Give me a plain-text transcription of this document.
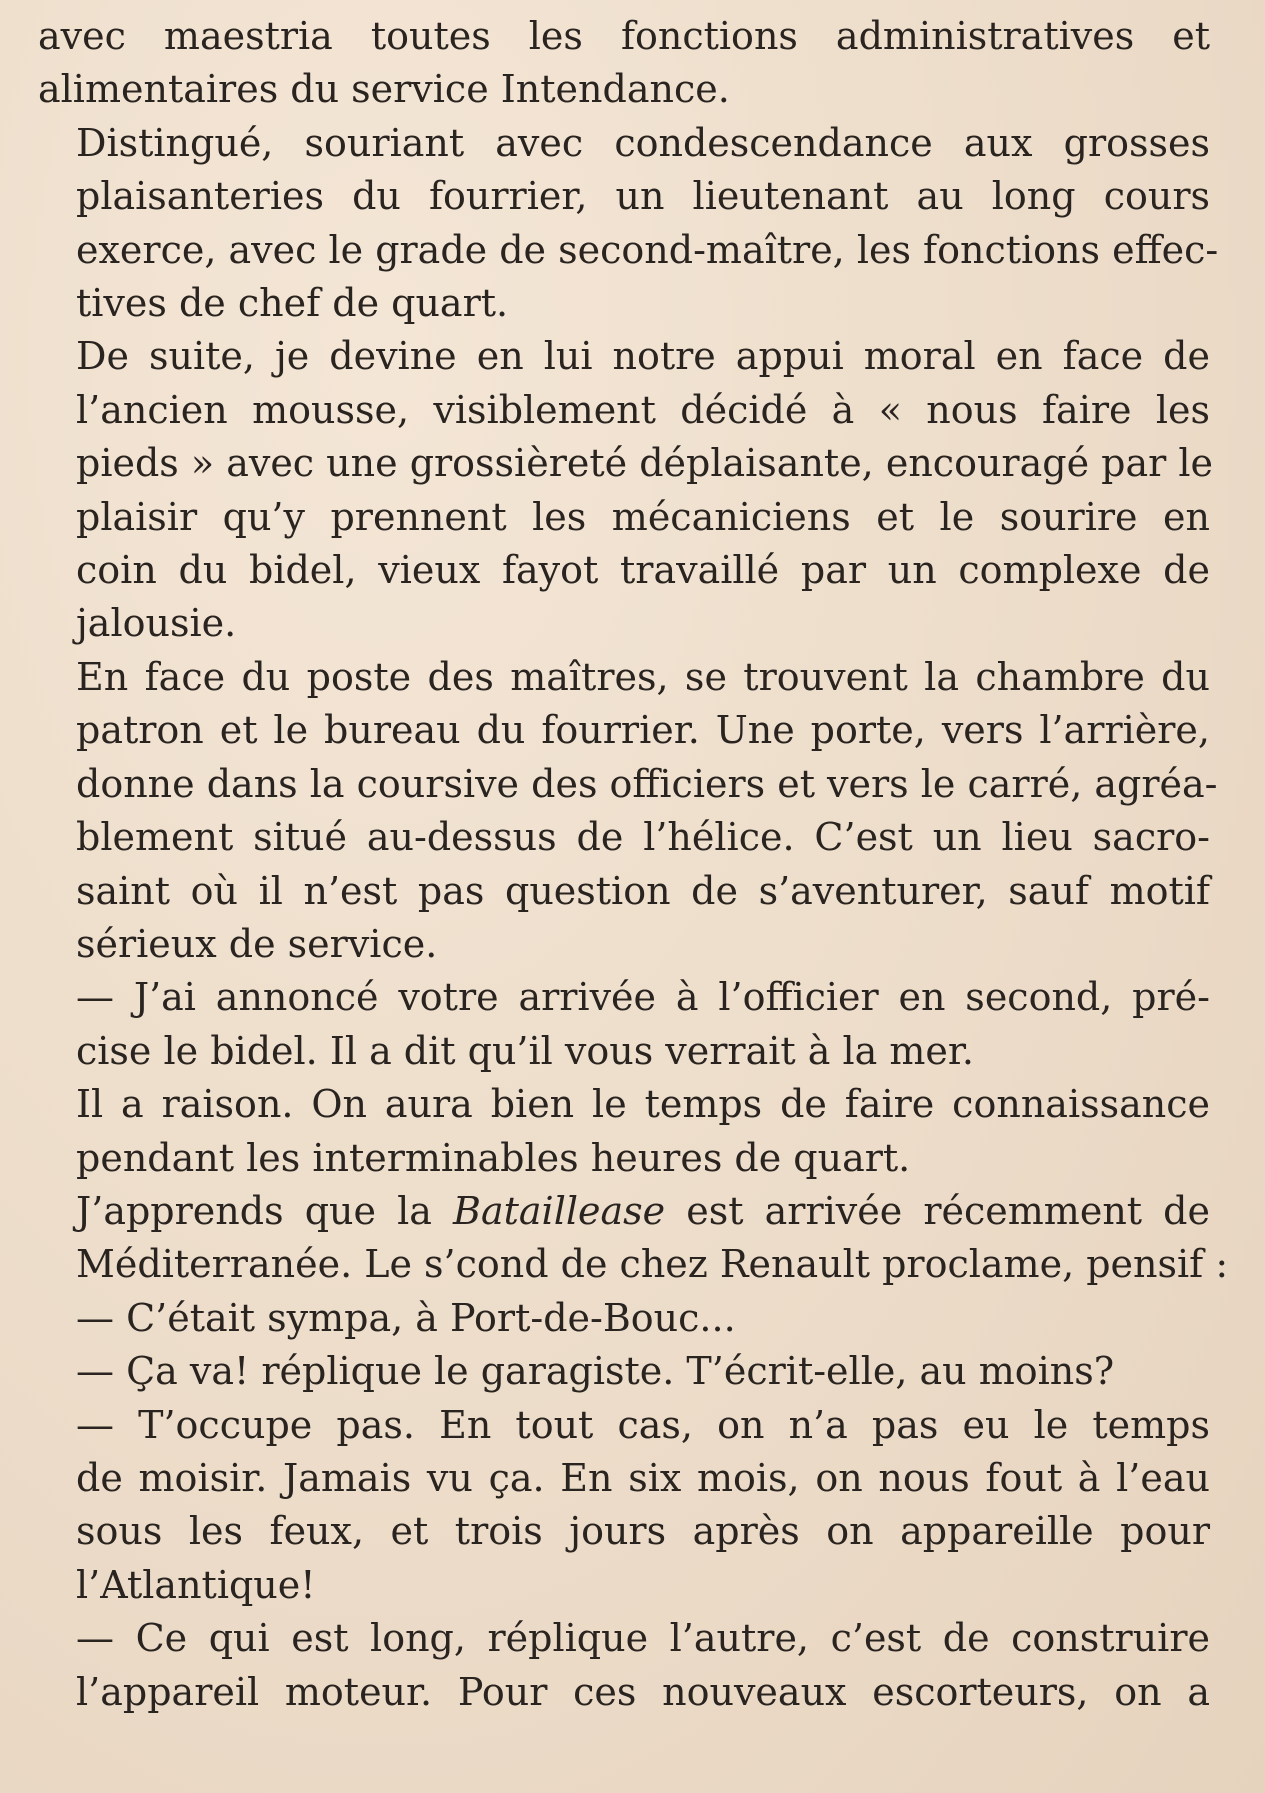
avec maestria toutes les fonctions administratives et
alimentaires du service Intendance.

Distingué, souriant avec condescendance aux grosses
plaisanteries du fourrier, un lieutenant au long cours
exerce, avec le grade de second-maître, les fonctions effec-
tives de chef de quart.

De suite, je devine en lui notre appui moral en face de
l’ancien mousse, visiblement décidé à « nous faire les
pieds » avec une grossièreté déplaisante, encouragé par le
plaisir qu’y prennent les mécaniciens et le sourire en
coin du bidel, vieux fayot travaillé par un complexe de
jalousie.

En face du poste des maîtres, se trouvent la chambre du
patron et le bureau du fourrier. Une porte, vers l’arrière,
donne dans la coursive des officiers et vers le carré, agréa-
blement situé au-dessus de l’hélice. C’est un lieu sacro-
saint où il n’est pas question de s’aventurer, sauf motif
sérieux de service.

— J’ai annoncé votre arrivée à l’officier en second, pré-
cise le bidel. Il a dit qu’il vous verrait à la mer.

Il a raison. On aura bien le temps de faire connaissance
pendant les interminables heures de quart.

J’apprends que la Bataillease est arrivée récemment de
Méditerranée. Le s’cond de chez Renault proclame, pensif :

— C’était sympa, à Port-de-Bouc...

— Ça va! réplique le garagiste. T’écrit-elle, au moins?

— T’occupe pas. En tout cas, on n’a pas eu le temps
de moisir. Jamais vu ça. En six mois, on nous fout à l’eau
sous les feux, et trois jours après on appareille pour
l’Atlantique!

— Ce qui est long, réplique l’autre, c’est de construire
l’appareil moteur. Pour ces nouveaux escorteurs, on a
